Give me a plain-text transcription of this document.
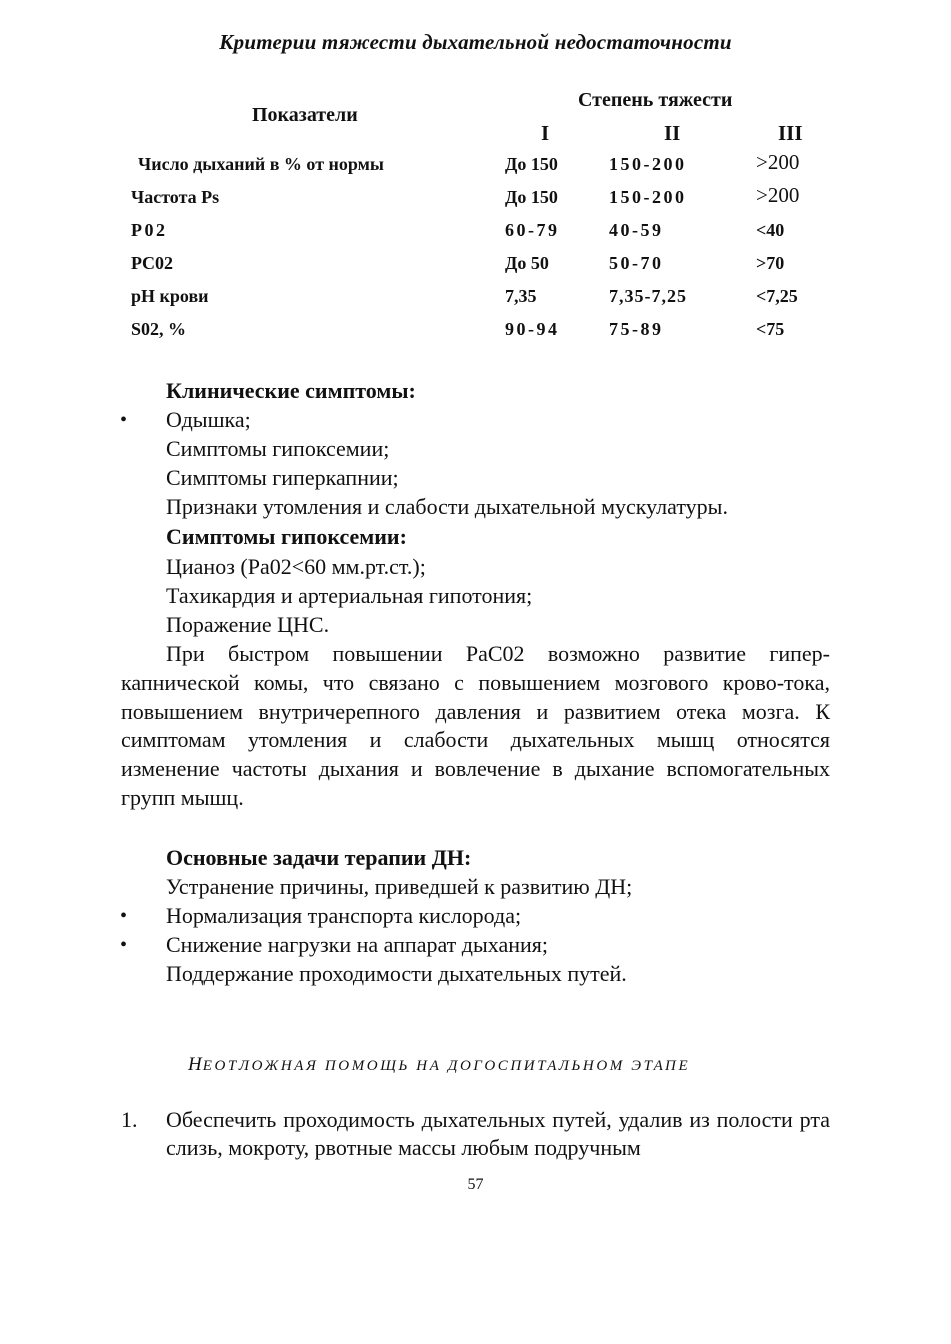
Критерии тяжести дыхательной недостаточности
Показатели
Степень тяжести
I	II	III
Число дыханий в % от нормы	До 150	150-200	>200
Частота Ps	До 150	150-200	>200
P02	60-79	40-59	<40
PC02	До 50	50-70	>70
pH крови	7,35	7,35-7,25	<7,25
S02, %	90-94	75-89	<75
Клинические симптомы:
• Одышка;
Симптомы гипоксемии;
Симптомы гиперкапнии;
Признаки утомления и слабости дыхательной мускулатуры.
Симптомы гипоксемии:
Цианоз (Ра02<60 мм.рт.ст.);
Тахикардия и артериальная гипотония;
Поражение ЦНС.

При быстром повышении РаС02 возможно развитие гипер-капнической комы, что связано с повышением мозгового крово-тока, повышением внутричерепного давления и развитием отека мозга. К симптомам утомления и слабости дыхательных мышц относятся изменение частоты дыхания и вовлечение в дыхание вспомогательных групп мышц.

Основные задачи терапии ДН:
Устранение причины, приведшей к развитию ДН;
• Нормализация транспорта кислорода;
• Снижение нагрузки на аппарат дыхания;
Поддержание проходимости дыхательных путей.
НЕОТЛОЖНАЯ ПОМОЩЬ НА ДОГОСПИТАЛЬНОМ ЭТАПЕ
1. Обеспечить проходимость дыхательных путей, удалив из полости рта слизь, мокроту, рвотные массы любым подручным
57
